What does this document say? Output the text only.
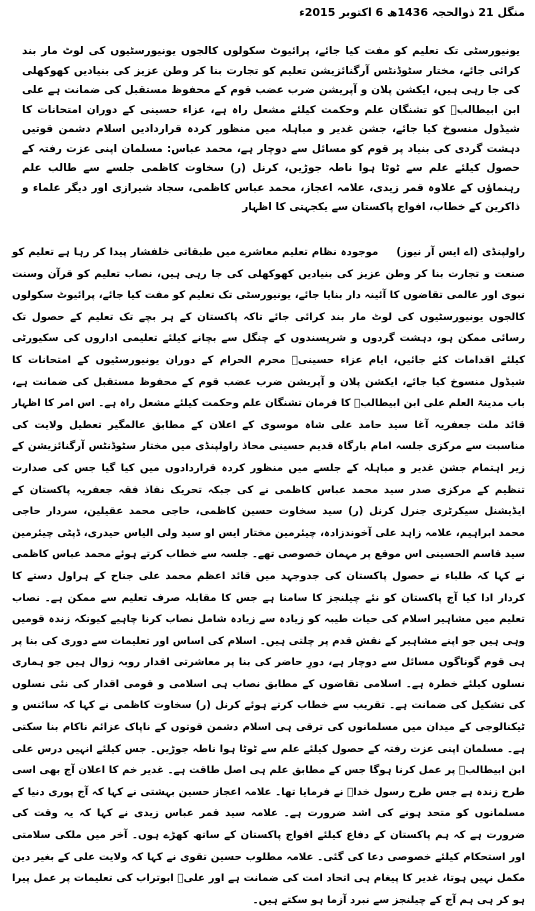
منگل 21 ذوالحجہ 1436ھ 6 اکتوبر 2015ء
یونیورسٹی تک تعلیم کو مفت کیا جائے، پرائیوٹ سکولوں کالجوں یونیورسٹیوں کی لوٹ مار بند کرائی جائے، مختار سٹوڈنٹس آرگنائزیشن تعلیم کو تجارت بنا کر وطن عزیز کی بنیادیں کھوکھلی کی جا رہی ہیں، ایکشن پلان و آپریشن ضرب عضب قوم کے محفوظ مستقبل کی ضمانت ہے علی ابن ابیطالبؑ کو تشنگان علم وحکمت کیلئے مشعل راہ ہے، عزاء حسینی کے دوران امتحانات کا شیڈول منسوخ کیا جائے، جشن غدیر و مباہلہ میں منظور کردہ قراردادیں اسلام دشمن قوتیں دہشت گردی کی بنیاد پر قوم کو مسائل سے دوچار ہے، محمد عباس: مسلمان اپنی عزت رفتہ کے حصول کیلئے علم سے ٹوٹا ہوا ناطہ جوڑیں، کرنل (ر) سخاوت کاظمی جلسے سے طالب علم رہنماؤں کے علاوہ قمر زیدی، علامہ اعجاز، محمد عباس کاظمی، سجاد شیرازی اور دیگر علماء و ذاکرین کے خطاب، افواج پاکستان سے یکجہتی کا اظہار

راولپنڈی (اے ایس آر نیوز)موجودہ نظام تعلیم معاشرے میں طبقاتی خلفشار پیدا کر رہا ہے تعلیم کو صنعت و تجارت بنا کر وطن عزیز کی بنیادیں کھوکھلی کی جا رہی ہیں، نصاب تعلیم کو قرآن وسنت نبوی اور عالمی تقاضوں کا آئینہ دار بنایا جائے، یونیورسٹی تک تعلیم کو مفت کیا جائے، پرائیوٹ سکولوں کالجوں یونیورسٹیوں کی لوٹ مار بند کرائی جائے تاکہ پاکستان کے ہر بچے تک تعلیم کے حصول تک رسائی ممکن ہو، دہشت گردوں و شرپسندوں کے چنگل سے بچانے کیلئے تعلیمی اداروں کی سکیورٹی کیلئے اقدامات کئے جائیں، ایام عزاء حسینیؑ محرم الحرام کے دوران یونیورسٹیوں کے امتحانات کا شیڈول منسوخ کیا جائے، ایکشن پلان و آپریشن ضرب عضب قوم کے محفوظ مستقبل کی ضمانت ہے، باب مدینۃ العلم علی ابن ابیطالبؑ کا فرمان تشنگان علم وحکمت کیلئے مشعل راہ ہے۔ اس امر کا اظہار قائد ملت جعفریہ آغا سید حامد علی شاہ موسوی کے اعلان کے مطابق عالمگیر تعطیل ولایت کی مناسبت سے مرکزی جلسہ امام بارگاہ قدیم حسینی محاذ راولپنڈی میں مختار سٹوڈنٹس آرگنائزیشن کے زیر اہتمام جشن غدیر و مباہلہ کے جلسے میں منظور کردہ قراردادوں میں کیا گیا جس کی صدارت تنظیم کے مرکزی صدر سید محمد عباس کاظمی نے کی جبکہ تحریک نفاذ فقہ جعفریہ پاکستان کے ایڈیشنل سیکرٹری جنرل کرنل (ر) سید سخاوت حسین کاظمی، حاجی محمد عقیلین، سردار حاجی محمد ابراہیم، علامہ زاہد علی آخوندزادہ، چیئرمین مختار ایس او سید ولی الیاس حیدری، ڈپٹی چیئرمین سید قاسم الحسینی اس موقع پر مہمان خصوصی تھے۔ جلسہ سے خطاب کرتے ہوئے محمد عباس کاظمی نے کہا کہ طلباء نے حصول پاکستان کی جدوجہد میں قائد اعظم محمد علی جناح کے ہراول دستے کا کردار ادا کیا آج پاکستان کو نئے چیلنجز کا سامنا ہے جس کا مقابلہ صرف تعلیم سے ممکن ہے۔ نصاب تعلیم میں مشاہیر اسلام کی حیات طیبہ کو زیادہ سے زیادہ شامل نصاب کرنا چاہیے کیونکہ زندہ قومیں وہی ہیں جو اپنے مشاہیر کے نقش قدم پر چلتی ہیں۔ اسلام کی اساس اور تعلیمات سے دوری کی بنا پر ہی قوم گوناگوں مسائل سے دوچار ہے، دورِ حاضر کی بنا پر معاشرتی اقدار روبہ زوال ہیں جو ہماری نسلوں کیلئے خطرہ ہے۔ اسلامی تقاضوں کے مطابق نصاب ہی اسلامی و قومی اقدار کی نئی نسلوں کی تشکیل کی ضمانت ہے۔ تقریب سے خطاب کرتے ہوئے کرنل (ر) سخاوت کاظمی نے کہا کہ سائنس و ٹیکنالوجی کے میدان میں مسلمانوں کی ترقی ہی اسلام دشمن قوتوں کے ناپاک عزائم ناکام بنا سکتی ہے۔ مسلمان اپنی عزت رفتہ کے حصول کیلئے علم سے ٹوٹا ہوا ناطہ جوڑیں۔ جس کیلئے انہیں درس علی ابن ابیطالبؑ پر عمل کرنا ہوگا جس کے مطابق علم ہی اصل طاقت ہے۔ غدیر خم کا اعلان آج بھی اسی طرح زندہ ہے جس طرح رسول خداؐ نے فرمایا تھا۔ علامہ اعجاز حسین بہشتی نے کہا کہ آج پوری دنیا کے مسلمانوں کو متحد ہونے کی اشد ضرورت ہے۔ علامہ سید قمر عباس زیدی نے کہا کہ یہ وقت کی ضرورت ہے کہ ہم پاکستان کے دفاع کیلئے افواج پاکستان کے ساتھ کھڑے ہوں۔ آخر میں ملکی سلامتی اور استحکام کیلئے خصوصی دعا کی گئی۔ علامہ مطلوب حسین تقوی نے کہا کہ ولایت علی کے بغیر دین مکمل نہیں ہوتا، غدیر کا پیغام ہی اتحاد امت کی ضمانت ہے اور علیؑ ابوتراب کی تعلیمات پر عمل پیرا ہو کر ہی ہم آج کے چیلنجز سے نبرد آزما ہو سکتے ہیں۔
